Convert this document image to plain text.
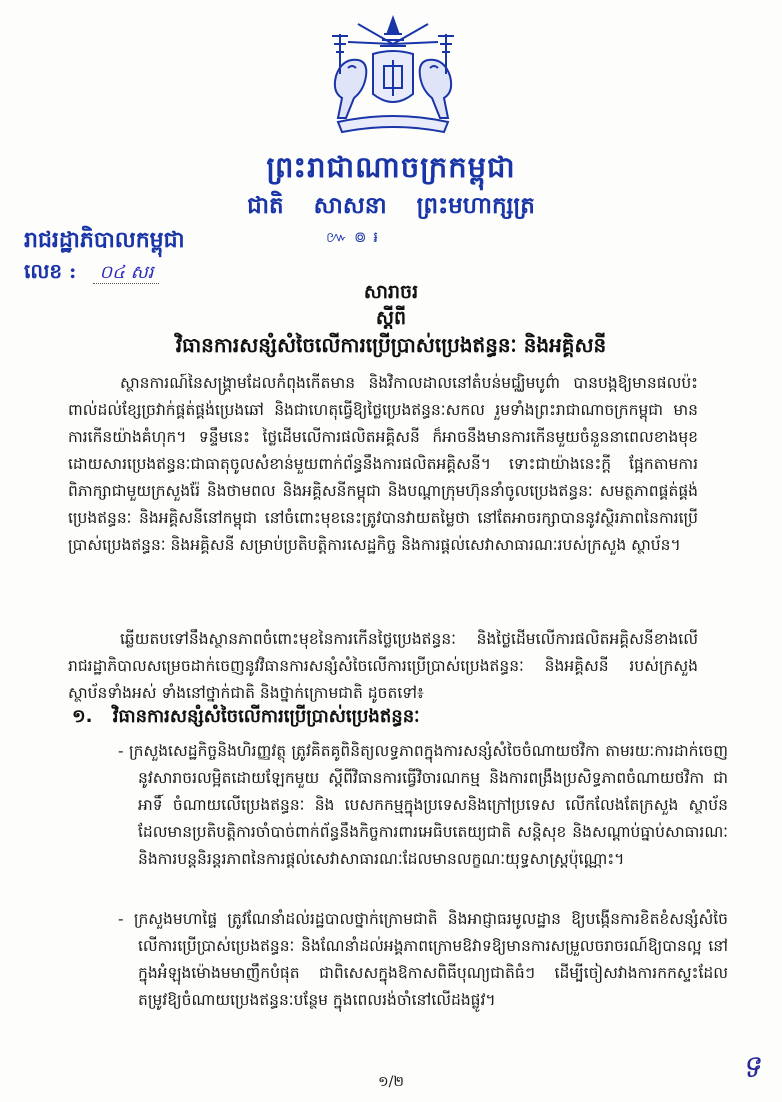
ព្រះរាជាណាចក្រកម្ពុជា
ជាតិ សាសនា ព្រះមហាក្សត្រ
៚ ៙ ៛
រាជរដ្ឋាភិបាលកម្ពុជា
លេខ : ០៤ សរ
សារាចរ
ស្តីពី
វិធានការសន្សំសំចៃលើការប្រើប្រាស់ប្រេងឥន្ធនៈ និងអគ្គិសនី
ស្ថានការណ៍នៃសង្គ្រាមដែលកំពុងកើតមាន និងវិកាលដាលនៅតំបន់មជ្ឈិមបូព៌ា បានបង្កឱ្យមានផលប៉ះពាល់ដល់ខ្សែច្រវាក់ផ្គត់ផ្គង់ប្រេងឆៅ និងជាហេតុធ្វើឱ្យថ្លៃប្រេងឥន្ធនៈសកល រួមទាំងព្រះរាជាណាចក្រកម្ពុជា មានការកើនយ៉ាងគំហុក។ ទន្ទឹមនេះ ថ្លៃដើមលើការផលិតអគ្គិសនី ក៏អាចនឹងមានការកើនមួយចំនួននាពេលខាងមុខ ដោយសារប្រេងឥន្ធនៈជាធាតុចូលសំខាន់មួយពាក់ព័ន្ធនឹងការផលិតអគ្គិសនី។ ទោះជាយ៉ាងនេះក្តី ផ្អែកតាមការពិភាក្សាជាមួយក្រសួងរ៉ែ និងថាមពល និងអគ្គិសនីកម្ពុជា និងបណ្តាក្រុមហ៊ុននាំចូលប្រេងឥន្ធនៈ សមត្ថភាពផ្គត់ផ្គង់ប្រេងឥន្ធនៈ និងអគ្គិសនីនៅកម្ពុជា នៅចំពោះមុខនេះត្រូវបានវាយតម្លៃថា នៅតែអាចរក្សាបាននូវស្ថិរភាពនៃការប្រើប្រាស់ប្រេងឥន្ធនៈ និងអគ្គិសនី សម្រាប់ប្រតិបត្តិការសេដ្ឋកិច្ច និងការផ្តល់សេវាសាធារណៈរបស់ក្រសួង ស្ថាប័ន។
ឆ្លើយតបទៅនឹងស្ថានភាពចំពោះមុខនៃការកើនថ្លៃប្រេងឥន្ធនៈ និងថ្លៃដើមលើការផលិតអគ្គិសនីខាងលើ រាជរដ្ឋាភិបាលសម្រេចដាក់ចេញនូវវិធានការសន្សំសំចៃលើការប្រើប្រាស់ប្រេងឥន្ធនៈ និងអគ្គិសនី របស់ក្រសួង ស្ថាប័នទាំងអស់ ទាំងនៅថ្នាក់ជាតិ និងថ្នាក់ក្រោមជាតិ ដូចតទៅ៖
១. វិធានការសន្សំសំចៃលើការប្រើប្រាស់ប្រេងឥន្ធនៈ
- ក្រសួងសេដ្ឋកិច្ចនិងហិរញ្ញវត្ថុ ត្រូវគិតគូពិនិត្យលទ្ធភាពក្នុងការសន្សំសំចៃចំណាយថវិកា តាមរយៈការដាក់ចេញនូវសារាចរលម្អិតដោយឡែកមួយ ស្តីពីវិធានការធ្វើវិចារណកម្ម និងការពង្រឹងប្រសិទ្ធភាពចំណាយថវិកា ជាអាទិ៍ ចំណាយលើប្រេងឥន្ធនៈ និង បេសកកម្មក្នុងប្រទេសនិងក្រៅប្រទេស លើកលែងតែក្រសួង ស្ថាប័ន ដែលមានប្រតិបត្តិការចាំបាច់ពាក់ព័ន្ធនឹងកិច្ចការពារអេធិបតេយ្យជាតិ សន្តិសុខ និងសណ្តាប់ធ្នាប់សាធារណៈ និងការបន្តនិរន្តរភាពនៃការផ្តល់សេវាសាធារណៈដែលមានលក្ខណៈយុទ្ធសាស្ត្រប៉ុណ្ណោះ។
- ក្រសួងមហាផ្ទៃ ត្រូវណែនាំដល់រដ្ឋបាលថ្នាក់ក្រោមជាតិ និងអាជ្ញាធរមូលដ្ឋាន ឱ្យបង្កើនការខិតខំសន្សំសំចៃលើការប្រើប្រាស់ប្រេងឥន្ធនៈ និងណែនាំដល់អង្គភាពក្រោមឱវាទឱ្យមានការសម្រួលចរាចរណ៍ឱ្យបានល្អ នៅក្នុងអំឡុងម៉ោងមមាញឹកបំផុត ជាពិសេសក្នុងឱកាសពិធីបុណ្យជាតិធំៗ ដើម្បីចៀសវាងការកកស្ទះដែលតម្រូវឱ្យចំណាយប្រេងឥន្ធនៈបន្ថែម ក្នុងពេលរង់ចាំនៅលើដងផ្លូវ។
១/២	ទ
